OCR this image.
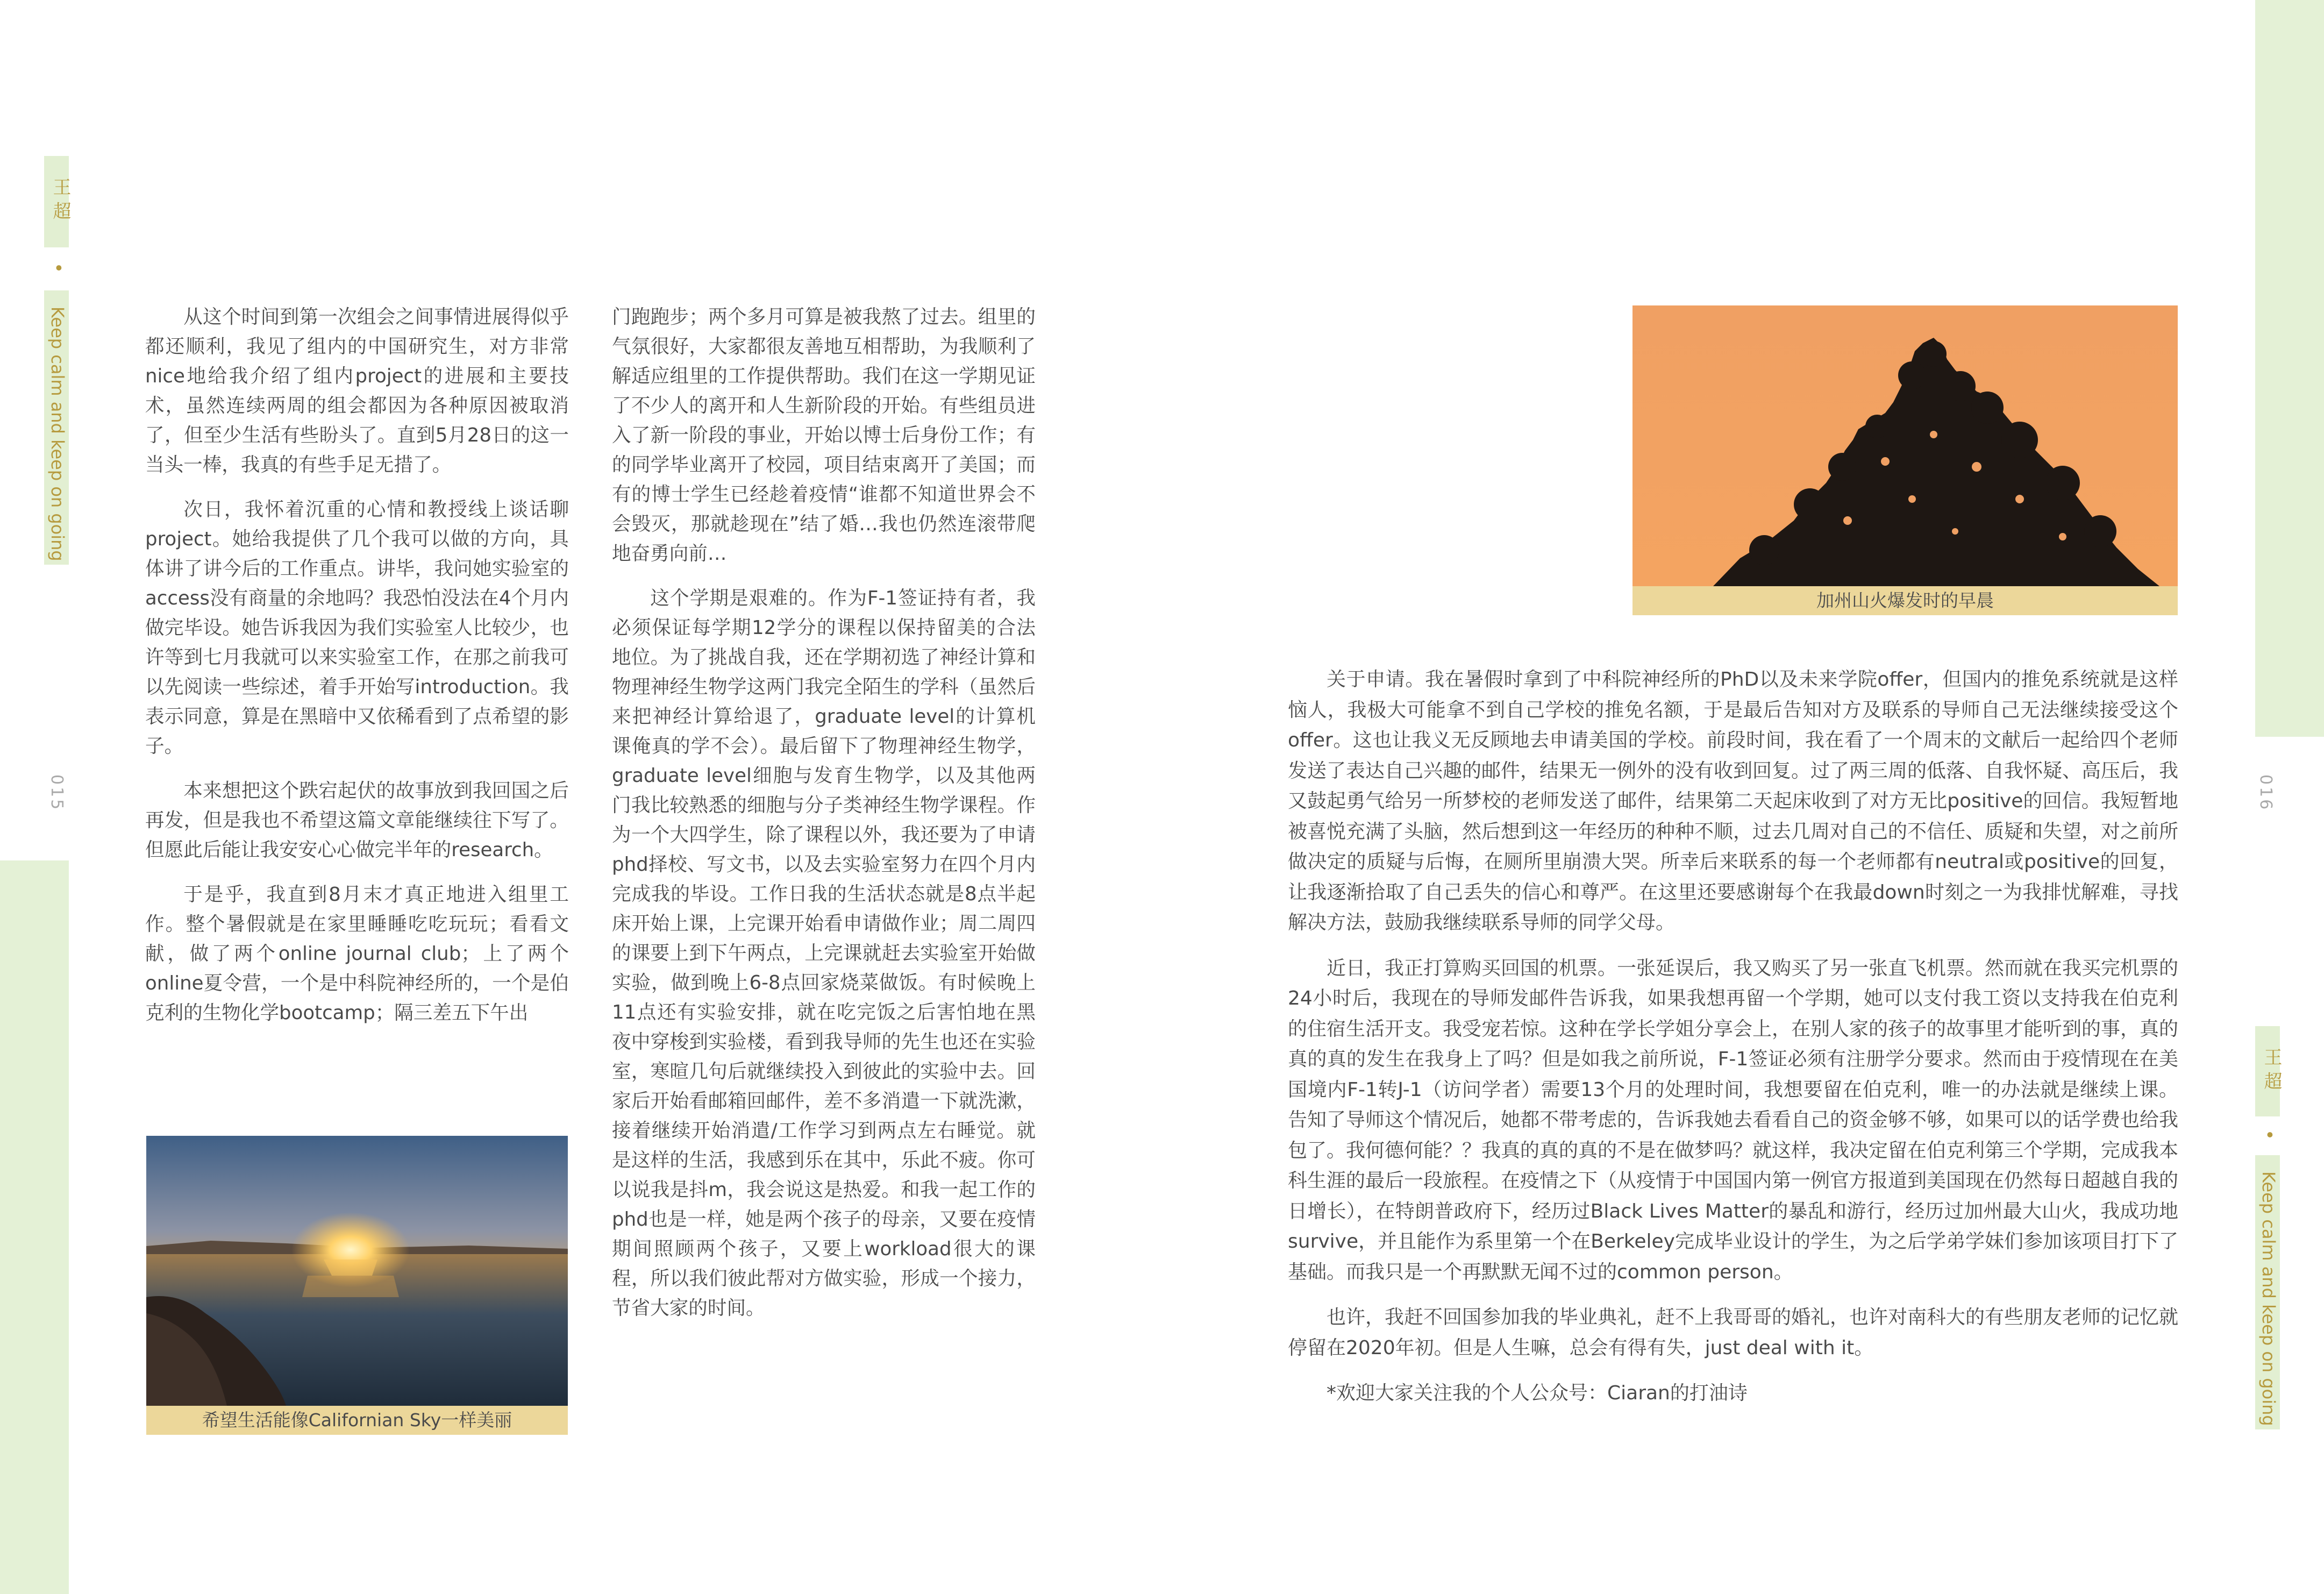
王 超
•
Keep calm and keep on going
015

从这个时间到第一次组会之间事情进展得似乎都还顺利，我见了组内的中国研究生，对方非常nice地给我介绍了组内project的进展和主要技术，虽然连续两周的组会都因为各种原因被取消了，但至少生活有些盼头了。直到5月28日的这一当头一棒，我真的有些手足无措了。

次日，我怀着沉重的心情和教授线上谈话聊project。她给我提供了几个我可以做的方向，具体讲了讲今后的工作重点。讲毕，我问她实验室的access没有商量的余地吗？我恐怕没法在4个月内做完毕设。她告诉我因为我们实验室人比较少，也许等到七月我就可以来实验室工作，在那之前我可以先阅读一些综述，着手开始写introduction。我表示同意，算是在黑暗中又依稀看到了点希望的影子。

本来想把这个跌宕起伏的故事放到我回国之后再发，但是我也不希望这篇文章能继续往下写了。但愿此后能让我安安心心做完半年的research。

于是乎，我直到8月末才真正地进入组里工作。整个暑假就是在家里睡睡吃吃玩玩；看看文献，做了两个online journal club；上了两个online夏令营，一个是中科院神经所的，一个是伯克利的生物化学bootcamp；隔三差五下午出

希望生活能像Californian Sky一样美丽

门跑跑步；两个多月可算是被我熬了过去。组里的气氛很好，大家都很友善地互相帮助，为我顺利了解适应组里的工作提供帮助。我们在这一学期见证了不少人的离开和人生新阶段的开始。有些组员进入了新一阶段的事业，开始以博士后身份工作；有的同学毕业离开了校园，项目结束离开了美国；而有的博士学生已经趁着疫情“谁都不知道世界会不会毁灭，那就趁现在”结了婚…我也仍然连滚带爬地奋勇向前…

这个学期是艰难的。作为F-1签证持有者，我必须保证每学期12学分的课程以保持留美的合法地位。为了挑战自我，还在学期初选了神经计算和物理神经生物学这两门我完全陌生的学科（虽然后来把神经计算给退了，graduate level的计算机课俺真的学不会）。最后留下了物理神经生物学，graduate level细胞与发育生物学，以及其他两门我比较熟悉的细胞与分子类神经生物学课程。作为一个大四学生，除了课程以外，我还要为了申请phd择校、写文书，以及去实验室努力在四个月内完成我的毕设。工作日我的生活状态就是8点半起床开始上课，上完课开始看申请做作业；周二周四的课要上到下午两点，上完课就赶去实验室开始做实验，做到晚上6-8点回家烧菜做饭。有时候晚上11点还有实验安排，就在吃完饭之后害怕地在黑夜中穿梭到实验楼，看到我导师的先生也还在实验室，寒暄几句后就继续投入到彼此的实验中去。回家后开始看邮箱回邮件，差不多消遣一下就洗漱，接着继续开始消遣/工作学习到两点左右睡觉。就是这样的生活，我感到乐在其中，乐此不疲。你可以说我是抖m，我会说这是热爱。和我一起工作的phd也是一样，她是两个孩子的母亲，又要在疫情期间照顾两个孩子，又要上workload很大的课程，所以我们彼此帮对方做实验，形成一个接力，节省大家的时间。

加州山火爆发时的早晨

关于申请。我在暑假时拿到了中科院神经所的PhD以及未来学院offer，但国内的推免系统就是这样恼人，我极大可能拿不到自己学校的推免名额，于是最后告知对方及联系的导师自己无法继续接受这个offer。这也让我义无反顾地去申请美国的学校。前段时间，我在看了一个周末的文献后一起给四个老师发送了表达自己兴趣的邮件，结果无一例外的没有收到回复。过了两三周的低落、自我怀疑、高压后，我又鼓起勇气给另一所梦校的老师发送了邮件，结果第二天起床收到了对方无比positive的回信。我短暂地被喜悦充满了头脑，然后想到这一年经历的种种不顺，过去几周对自己的不信任、质疑和失望，对之前所做决定的质疑与后悔，在厕所里崩溃大哭。所幸后来联系的每一个老师都有neutral或positive的回复，让我逐渐拾取了自己丢失的信心和尊严。在这里还要感谢每个在我最down时刻之一为我排忧解难，寻找解决方法，鼓励我继续联系导师的同学父母。

近日，我正打算购买回国的机票。一张延误后，我又购买了另一张直飞机票。然而就在我买完机票的24小时后，我现在的导师发邮件告诉我，如果我想再留一个学期，她可以支付我工资以支持我在伯克利的住宿生活开支。我受宠若惊。这种在学长学姐分享会上，在别人家的孩子的故事里才能听到的事，真的真的真的发生在我身上了吗？但是如我之前所说，F-1签证必须有注册学分要求。然而由于疫情现在在美国境内F-1转J-1（访问学者）需要13个月的处理时间，我想要留在伯克利，唯一的办法就是继续上课。告知了导师这个情况后，她都不带考虑的，告诉我她去看看自己的资金够不够，如果可以的话学费也给我包了。我何德何能？？我真的真的真的不是在做梦吗？就这样，我决定留在伯克利第三个学期，完成我本科生涯的最后一段旅程。在疫情之下（从疫情于中国国内第一例官方报道到美国现在仍然每日超越自我的日增长），在特朗普政府下，经历过Black Lives Matter的暴乱和游行，经历过加州最大山火，我成功地survive，并且能作为系里第一个在Berkeley完成毕业设计的学生，为之后学弟学妹们参加该项目打下了基础。而我只是一个再默默无闻不过的common person。

也许，我赶不回国参加我的毕业典礼，赶不上我哥哥的婚礼，也许对南科大的有些朋友老师的记忆就停留在2020年初。但是人生嘛，总会有得有失，just deal with it。

*欢迎大家关注我的个人公众号：Ciaran的打油诗

016
王 超
•
Keep calm and keep on going
